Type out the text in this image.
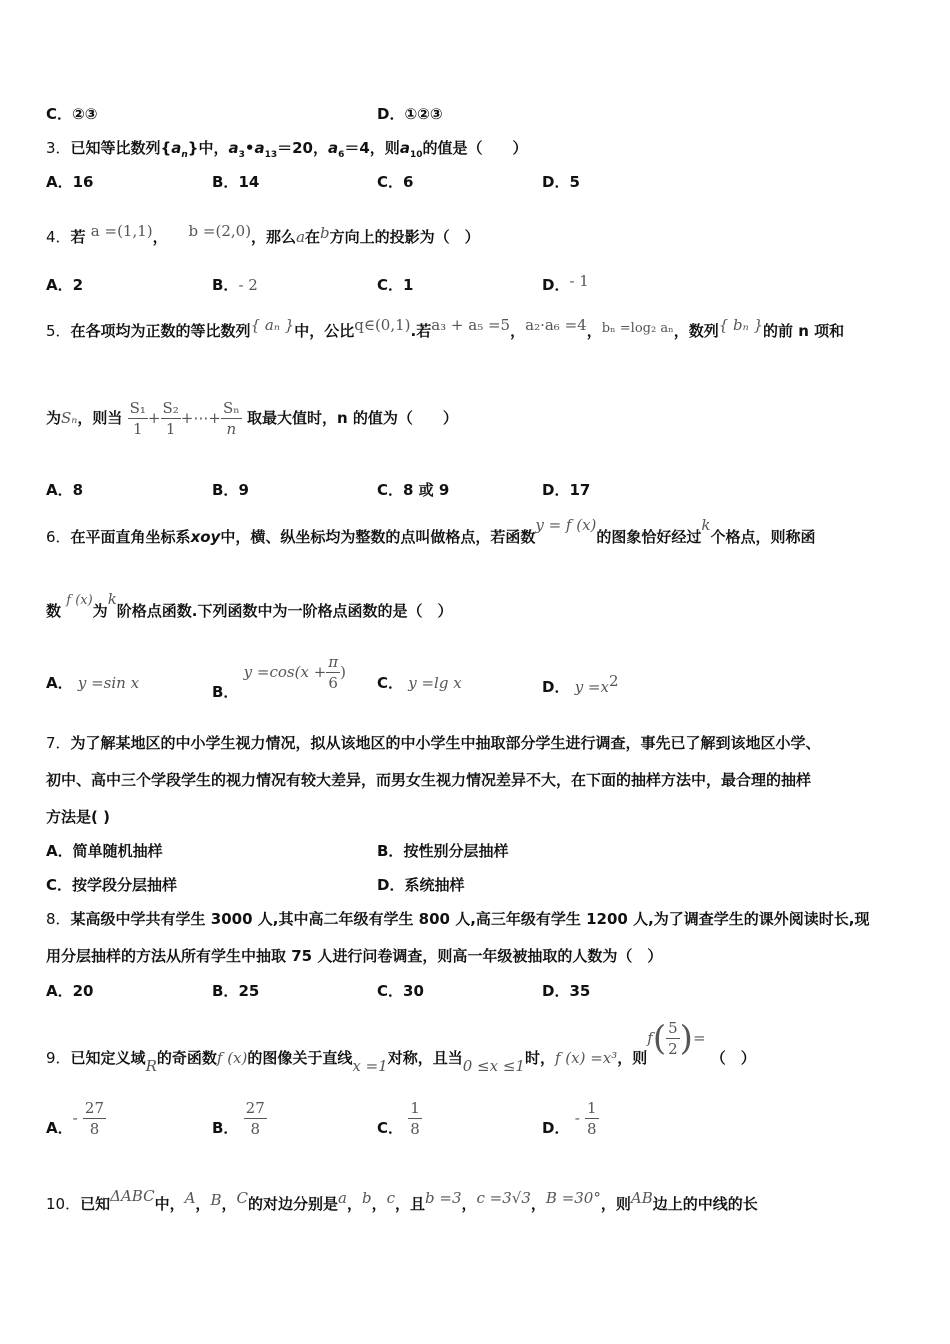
C．②③	D．①②③
3．已知等比数列$\{a_n\}$中，$a_3•a_{13}=20$，$a_6=4$，则$a_{10}$的值是（　　）
A．16	B．14	C．6	D．5
4．若 a =(1,1)， b =(2,0)，那么a在b方向上的投影为（　）
A．2	B．- 2	C．1	D．- 1
5．在各项均为正数的等比数列{ aₙ }中，公比q∈(0,1).若a₃ + a₅ =5，a₂·a₆ =4，bₙ =log₂ aₙ，数列{ bₙ }的前 n 项和
为Sₙ，则当 $\frac{\text{S₁}}{1} + \frac{\text{S₂}}{1}$ +⋯+ $\frac{\text{Sₙ}}{n}$ 取最大值时，n 的值为（　　）
A．8	B．9	C．8 或 9	D．17
6．在平面直角坐标系xoy中，横、纵坐标均为整数的点叫做格点，若函数y = f (x)的图象恰好经过k个格点，则称函
数 f (x)为k阶格点函数.下列函数中为一阶格点函数的是（　）
A． y =sin x	B． $y =\cos(x + \frac{\pi}{6}$ )
C． y =lg x	D． $y =x^2$
7．为了解某地区的中小学生视力情况，拟从该地区的中小学生中抽取部分学生进行调查，事先已了解到该地区小学、
初中、高中三个学段学生的视力情况有较大差异，而男女生视力情况差异不大，在下面的抽样方法中，最合理的抽样
方法是( )
A．简单随机抽样	B．按性别分层抽样
C．按学段分层抽样	D．系统抽样
8．某高级中学共有学生 3000 人,其中高二年级有学生 800 人,高三年级有学生 1200 人,为了调查学生的课外阅读时长,现
用分层抽样的方法从所有学生中抽取 75 人进行问卷调查，则高一年级被抽取的人数为（　）
A．20	B．25	C．30	D．35
9．已知定义域R的奇函数f (x)的图像关于直线x =1对称，且当0 ≤x ≤1时，f (x) =x³，则$f( \frac{5}{2}$ )= （　）
A．- $\frac{27}{8}$	B． $\frac{27}{8}$	C． $\frac{1}{8}$	D． - $\frac{1}{8}$
10．已知ΔABC中，A，B，C的对边分别是a，b，c，且b =3，c =3√3，B =30°，则AB边上的中线的长
